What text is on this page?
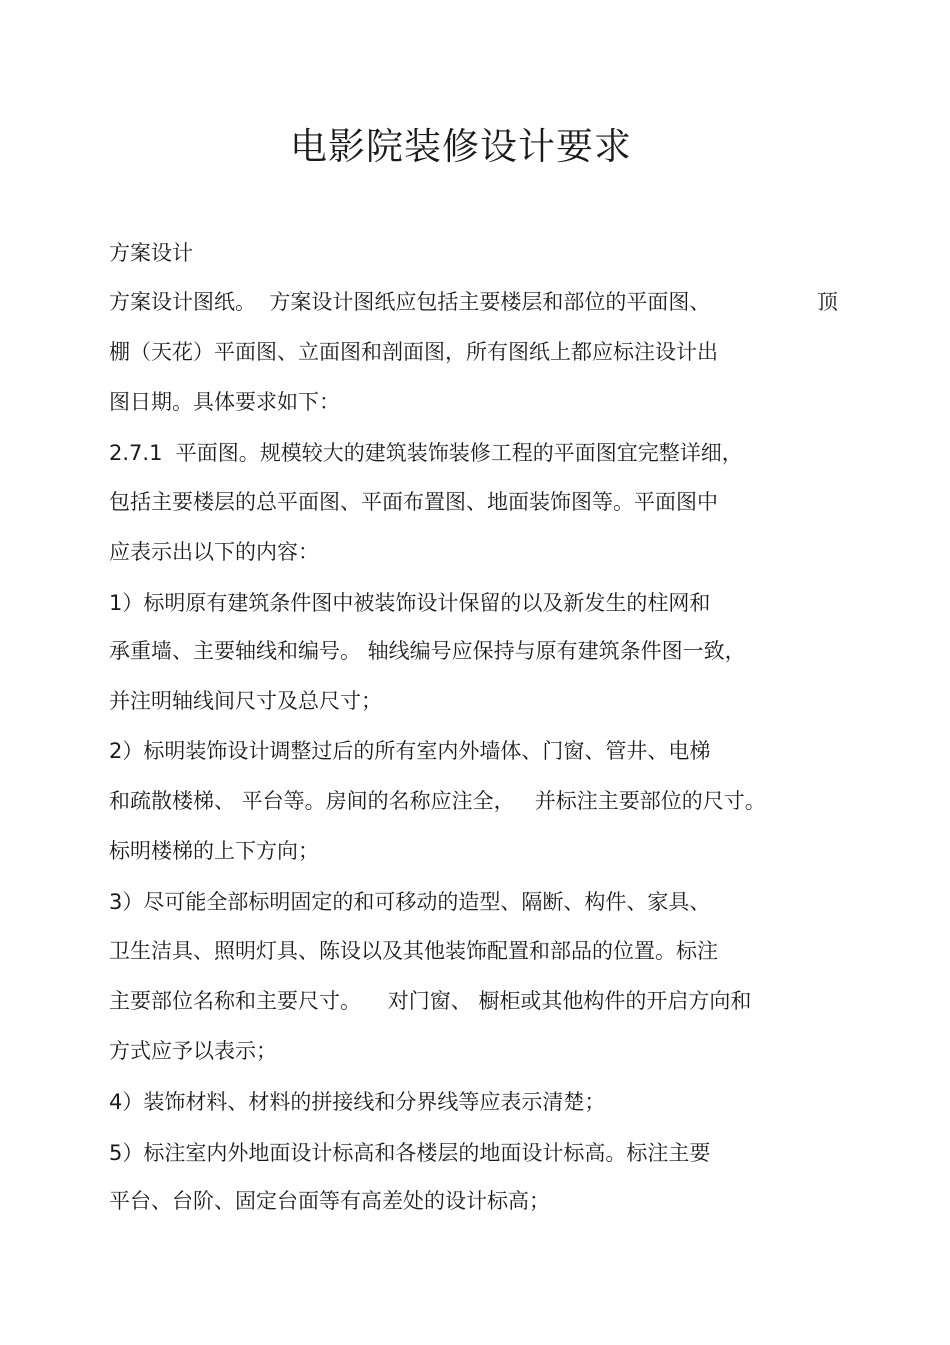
电影院装修设计要求

方案设计

方案设计图纸。  方案设计图纸应包括主要楼层和部位的平面图、	顶

棚（天花）平面图、立面图和剖面图，所有图纸上都应标注设计出

图日期。具体要求如下：

2.7.1  平面图。规模较大的建筑装饰装修工程的平面图宜完整详细，

包括主要楼层的总平面图、平面布置图、地面装饰图等。平面图中

应表示出以下的内容：

1）标明原有建筑条件图中被装饰设计保留的以及新发生的柱网和

承重墙、主要轴线和编号。 轴线编号应保持与原有建筑条件图一致，

并注明轴线间尺寸及总尺寸；

2）标明装饰设计调整过后的所有室内外墙体、门窗、管井、电梯

和疏散楼梯、 平台等。房间的名称应注全，   并标注主要部位的尺寸。

标明楼梯的上下方向；

3）尽可能全部标明固定的和可移动的造型、隔断、构件、家具、

卫生洁具、照明灯具、陈设以及其他装饰配置和部品的位置。标注

主要部位名称和主要尺寸。    对门窗、 橱柜或其他构件的开启方向和

方式应予以表示；

4）装饰材料、材料的拼接线和分界线等应表示清楚；

5）标注室内外地面设计标高和各楼层的地面设计标高。标注主要

平台、台阶、固定台面等有高差处的设计标高；
